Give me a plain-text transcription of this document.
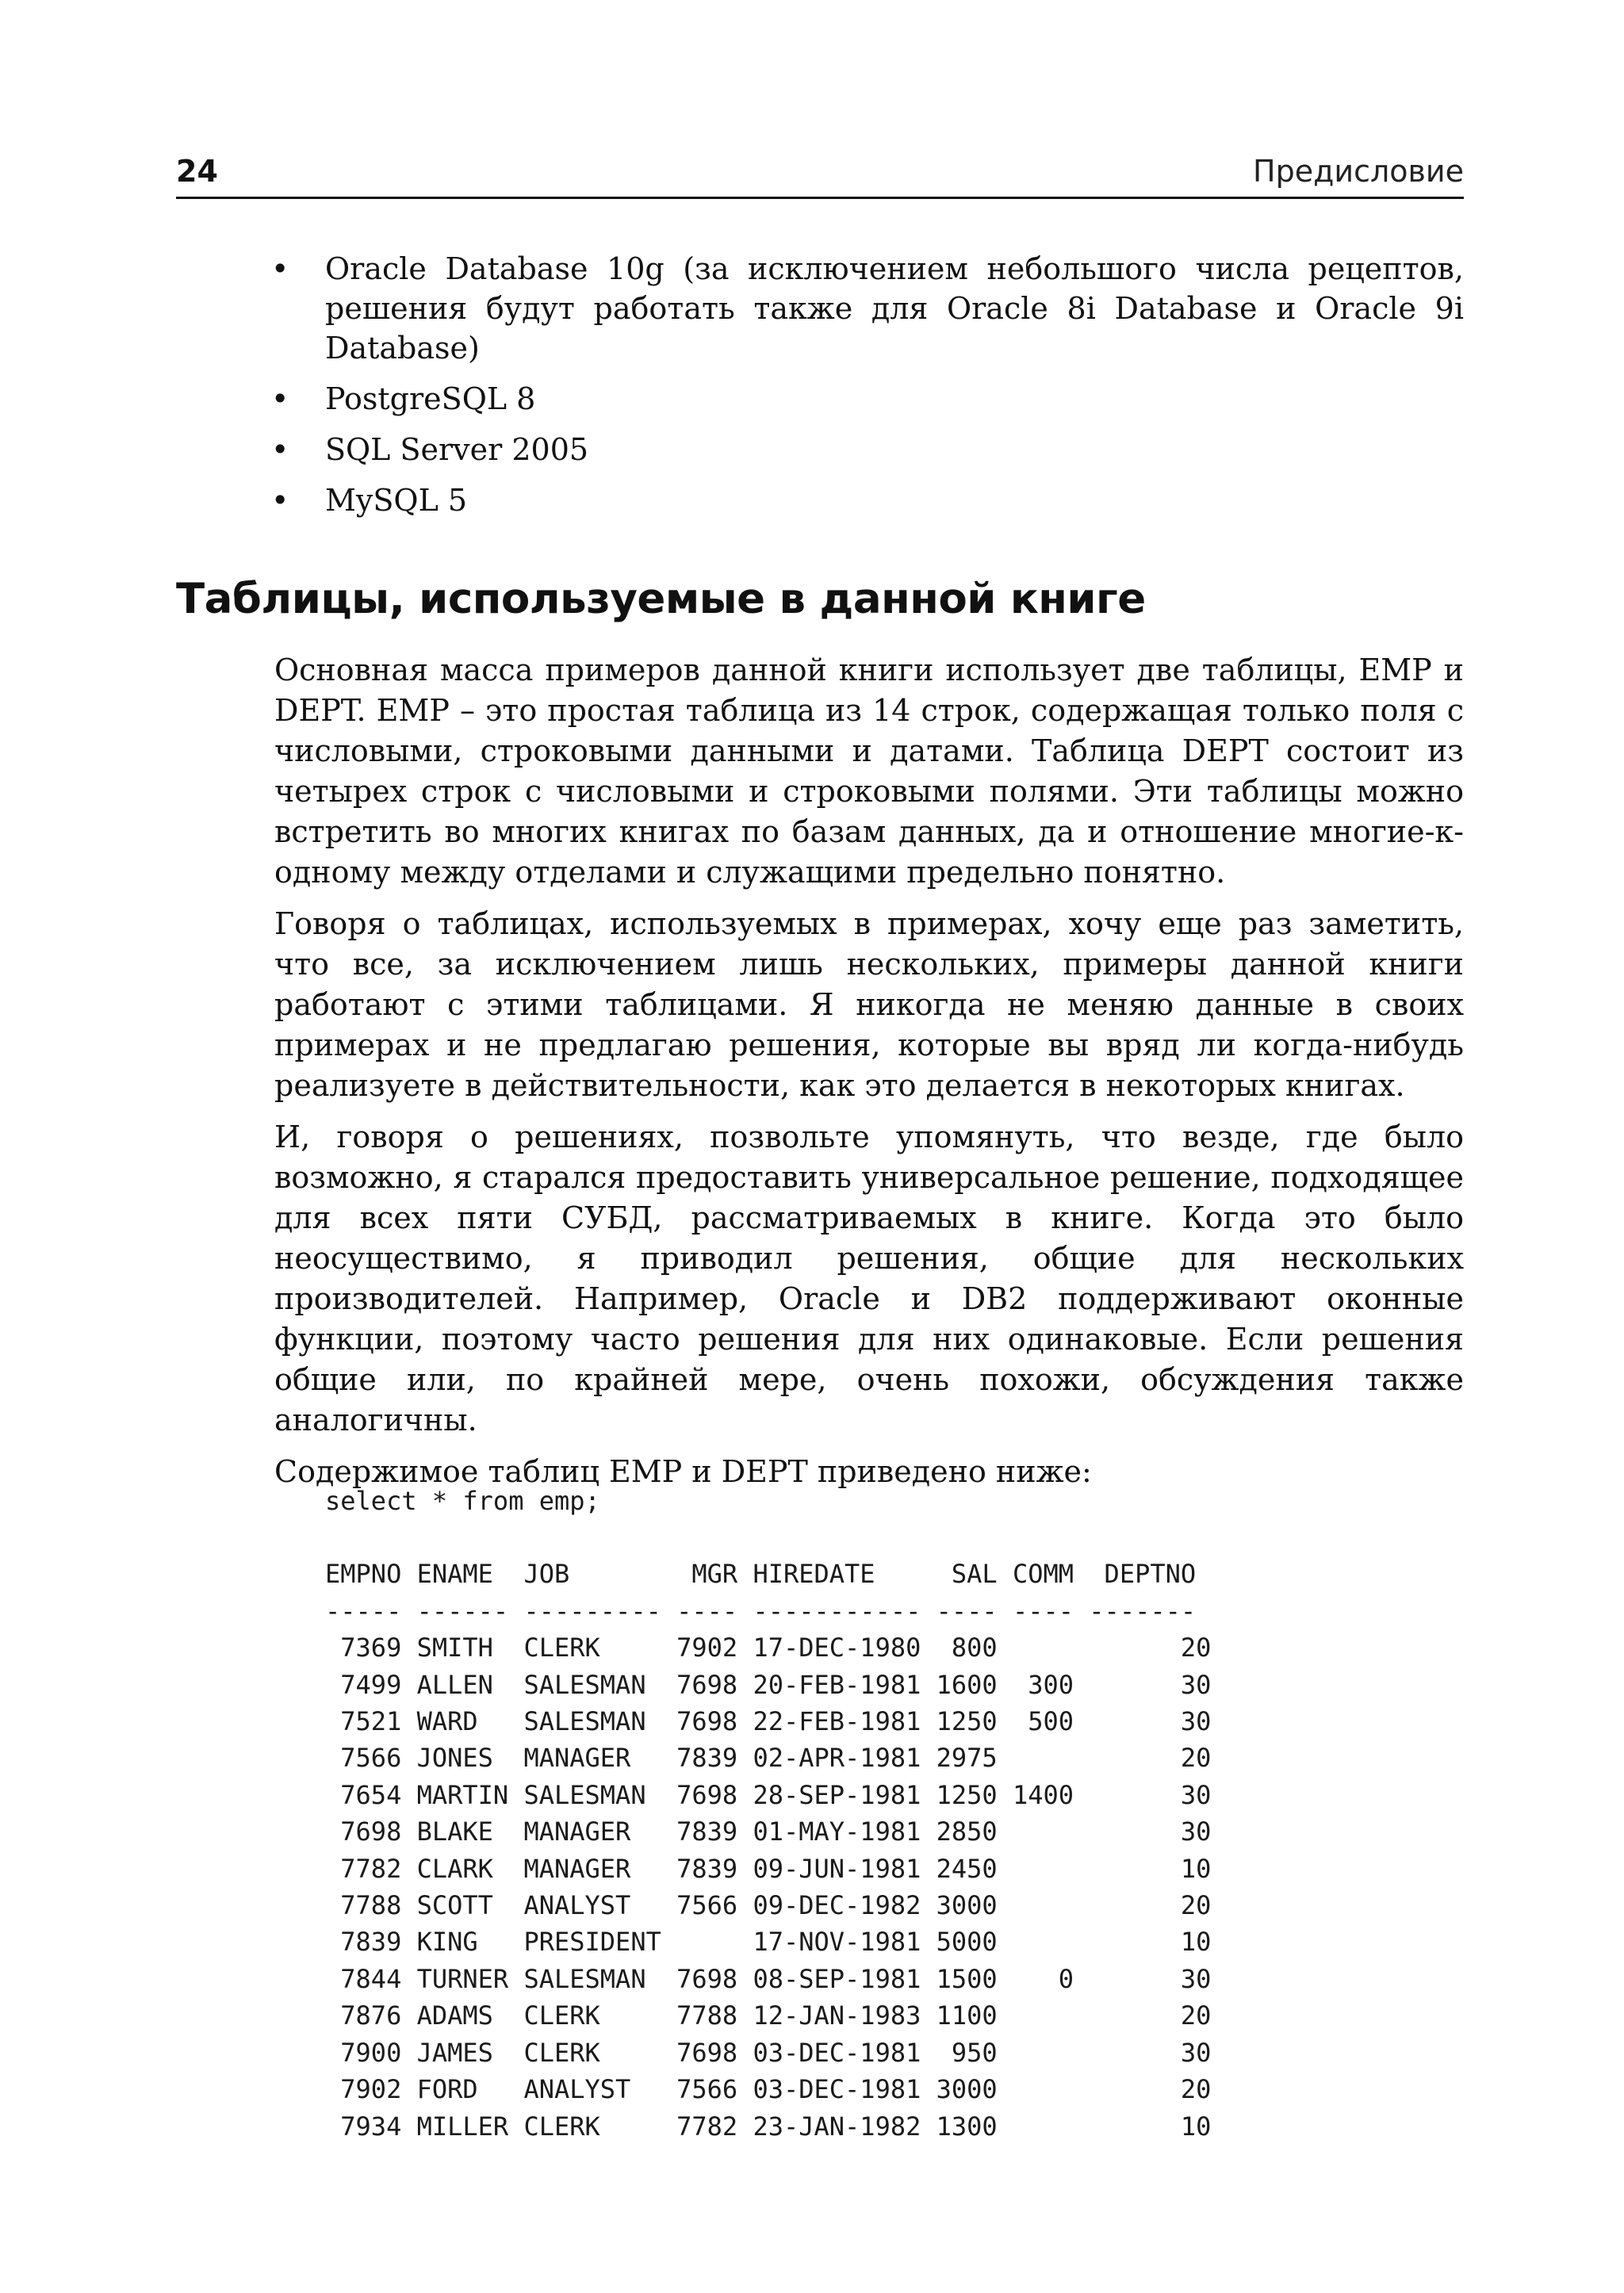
24	Предисловие
• Oracle Database 10g (за исключением небольшого числа рецептов, решения будут работать также для Oracle 8i Database и Oracle 9i Database)
• PostgreSQL 8
• SQL Server 2005
• MySQL 5
Таблицы, используемые в данной книге

Основная масса примеров данной книги использует две таблицы, EMP и DEPT. EMP – это простая таблица из 14 строк, содержащая только поля с числовыми, строковыми данными и датами. Таблица DEPT состоит из четырех строк с числовыми и строковыми полями. Эти таблицы можно встретить во многих книгах по базам данных, да и отношение многие-к-одному между отделами и служащими предельно понятно.

Говоря о таблицах, используемых в примерах, хочу еще раз заметить, что все, за исключением лишь нескольких, примеры данной книги работают с этими таблицами. Я никогда не меняю данные в своих примерах и не предлагаю решения, которые вы вряд ли когда-нибудь реализуете в действительности, как это делается в некоторых книгах.

И, говоря о решениях, позвольте упомянуть, что везде, где было возможно, я старался предоставить универсальное решение, подходящее для всех пяти СУБД, рассматриваемых в книге. Когда это было неосуществимо, я приводил решения, общие для нескольких производителей. Например, Oracle и DB2 поддерживают оконные функции, поэтому часто решения для них одинаковые. Если решения общие или, по крайней мере, очень похожи, обсуждения также аналогичны.

Содержимое таблиц EMP и DEPT приведено ниже:

select * from emp;
EMPNO ENAME  JOB        MGR HIREDATE     SAL COMM  DEPTNO
----- ------ --------- ---- ----------- ---- ---- -------
7369 SMITH  CLERK     7902 17-DEC-1980  800            20
7499 ALLEN  SALESMAN  7698 20-FEB-1981 1600  300       30
7521 WARD   SALESMAN  7698 22-FEB-1981 1250  500       30
7566 JONES  MANAGER   7839 02-APR-1981 2975            20
7654 MARTIN SALESMAN  7698 28-SEP-1981 1250 1400       30
7698 BLAKE  MANAGER   7839 01-MAY-1981 2850            30
7782 CLARK  MANAGER   7839 09-JUN-1981 2450            10
7788 SCOTT  ANALYST   7566 09-DEC-1982 3000            20
7839 KING   PRESIDENT      17-NOV-1981 5000            10
7844 TURNER SALESMAN  7698 08-SEP-1981 1500    0       30
7876 ADAMS  CLERK     7788 12-JAN-1983 1100            20
7900 JAMES  CLERK     7698 03-DEC-1981  950            30
7902 FORD   ANALYST   7566 03-DEC-1981 3000            20
7934 MILLER CLERK     7782 23-JAN-1982 1300            10
